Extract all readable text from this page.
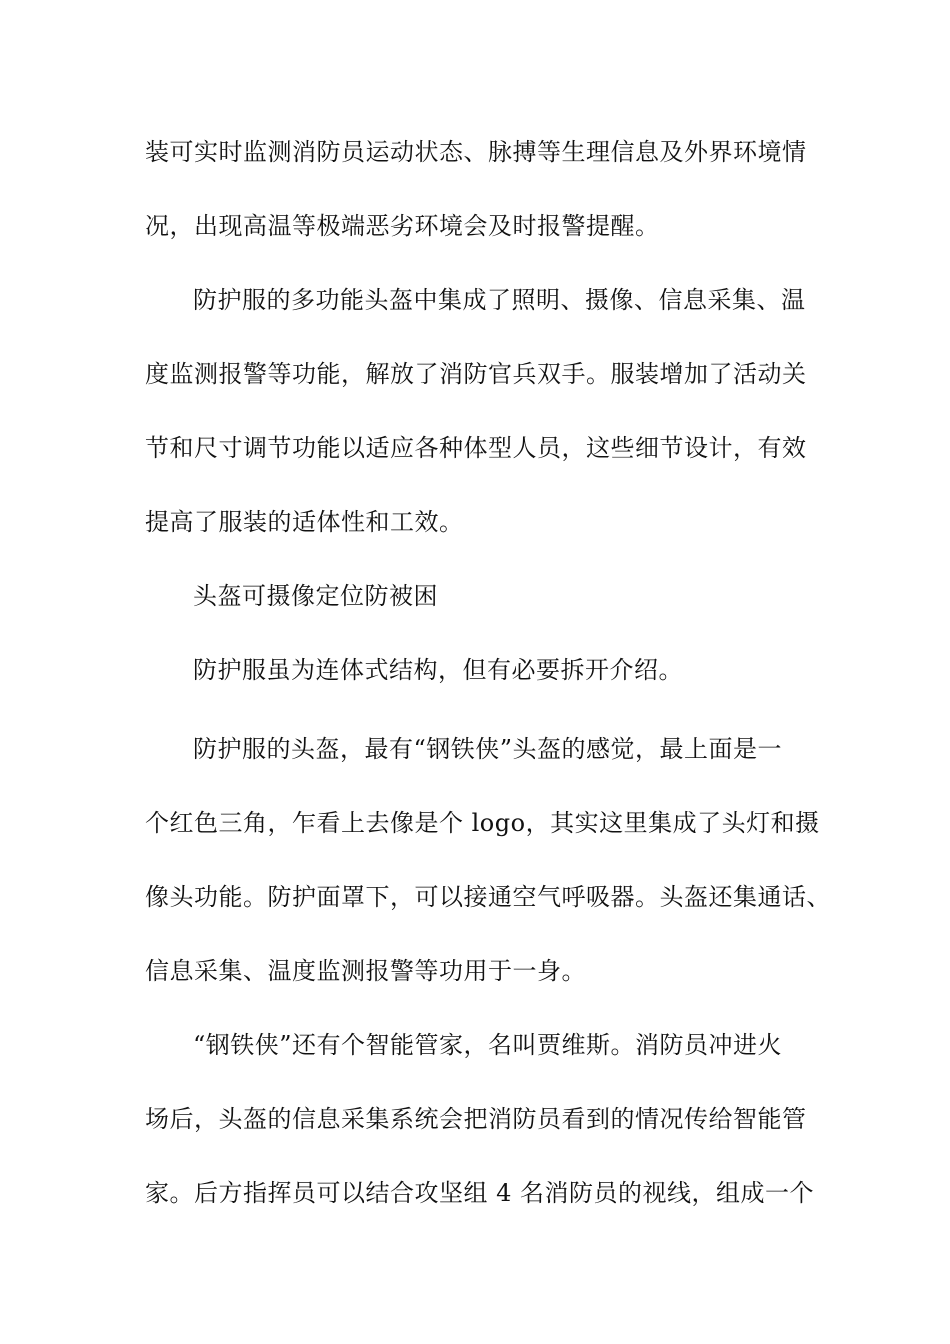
装可实时监测消防员运动状态、脉搏等生理信息及外界环境情
况，出现高温等极端恶劣环境会及时报警提醒。
防护服的多功能头盔中集成了照明、摄像、信息采集、温
度监测报警等功能，解放了消防官兵双手。服装增加了活动关
节和尺寸调节功能以适应各种体型人员，这些细节设计，有效
提高了服装的适体性和工效。
头盔可摄像定位防被困
防护服虽为连体式结构，但有必要拆开介绍。
防护服的头盔，最有“钢铁侠”头盔的感觉，最上面是一
个红色三角，乍看上去像是个 logo，其实这里集成了头灯和摄
像头功能。防护面罩下，可以接通空气呼吸器。头盔还集通话、
信息采集、温度监测报警等功用于一身。
“钢铁侠”还有个智能管家，名叫贾维斯。消防员冲进火
场后，头盔的信息采集系统会把消防员看到的情况传给智能管
家。后方指挥员可以结合攻坚组 4 名消防员的视线，组成一个
